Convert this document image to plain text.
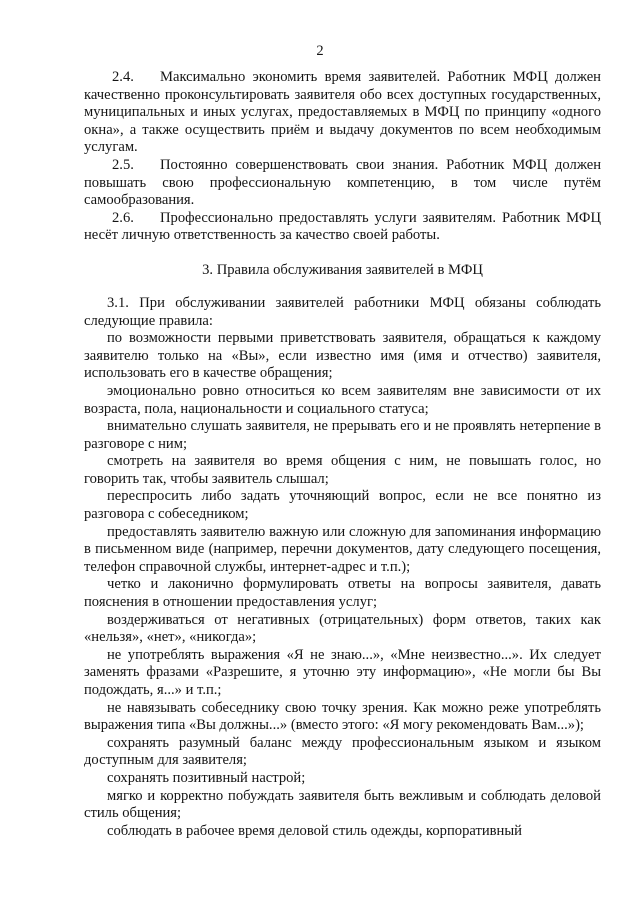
2

2.4. Максимально экономить время заявителей. Работник МФЦ должен качественно проконсультировать заявителя обо всех доступных государственных, муниципальных и иных услугах, предоставляемых в МФЦ по принципу «одного окна», а также осуществить приём и выдачу документов по всем необходимым услугам.

2.5. Постоянно совершенствовать свои знания. Работник МФЦ должен повышать свою профессиональную компетенцию, в том числе путём самообразования.

2.6. Профессионально предоставлять услуги заявителям. Работник МФЦ несёт личную ответственность за качество своей работы.

3. Правила обслуживания заявителей в МФЦ

3.1. При обслуживании заявителей работники МФЦ обязаны соблюдать следующие правила:

по возможности первыми приветствовать заявителя, обращаться к каждому заявителю только на «Вы», если известно имя (имя и отчество) заявителя, использовать его в качестве обращения;

эмоционально ровно относиться ко всем заявителям вне зависимости от их возраста, пола, национальности и социального статуса;

внимательно слушать заявителя, не прерывать его и не проявлять нетерпение в разговоре с ним;

смотреть на заявителя во время общения с ним, не повышать голос, но говорить так, чтобы заявитель слышал;

переспросить либо задать уточняющий вопрос, если не все понятно из разговора с собеседником;

предоставлять заявителю важную или сложную для запоминания информацию в письменном виде (например, перечни документов, дату следующего посещения, телефон справочной службы, интернет-адрес и т.п.);

четко и лаконично формулировать ответы на вопросы заявителя, давать пояснения в отношении предоставления услуг;

воздерживаться от негативных (отрицательных) форм ответов, таких как «нельзя», «нет», «никогда»;

не употреблять выражения «Я не знаю...», «Мне неизвестно...». Их следует заменять фразами «Разрешите, я уточню эту информацию», «Не могли бы Вы подождать, я...» и т.п.;

не навязывать собеседнику свою точку зрения. Как можно реже употреблять выражения типа «Вы должны...» (вместо этого: «Я могу рекомендовать Вам...»);

сохранять разумный баланс между профессиональным языком и языком доступным для заявителя;

сохранять позитивный настрой;

мягко и корректно побуждать заявителя быть вежливым и соблюдать деловой стиль общения;

соблюдать в рабочее время деловой стиль одежды, корпоративный
